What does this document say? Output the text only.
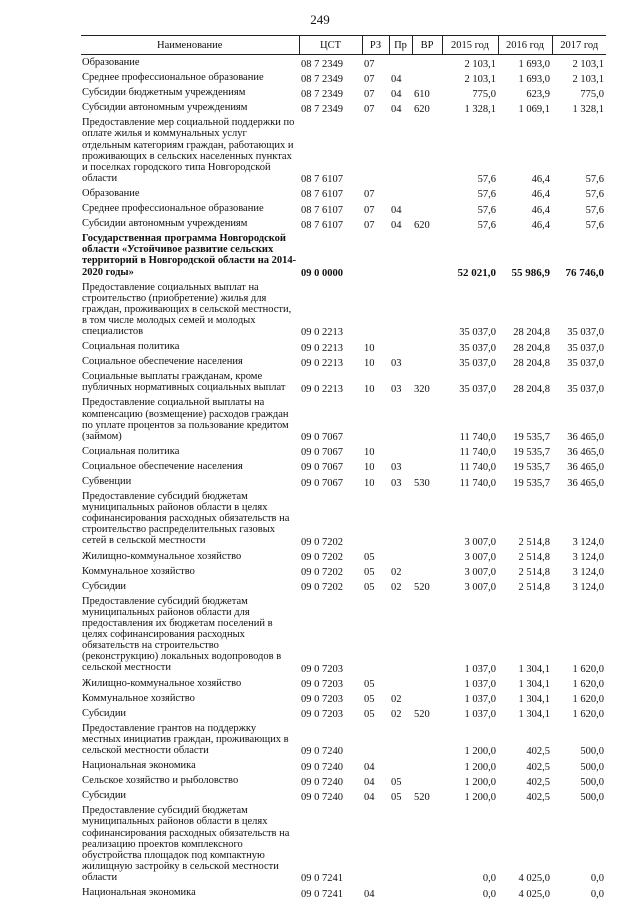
249
Наименование	ЦСТ	РЗ	Пр	ВР	2015 год	2016 год	2017 год
Образование	08 7 2349	07			2 103,1	1 693,0	2 103,1
Среднее профессиональное образование	08 7 2349	07	04		2 103,1	1 693,0	2 103,1
Субсидии бюджетным учреждениям	08 7 2349	07	04	610	775,0	623,9	775,0
Субсидии автономным учреждениям	08 7 2349	07	04	620	1 328,1	1 069,1	1 328,1
Предоставление мер социальной поддержки по оплате жилья и коммунальных услуг отдельным категориям граждан, работающих и проживающих в сельских населенных пунктах и поселках городского типа Новгородской области	08 7 6107				57,6	46,4	57,6
Образование	08 7 6107	07			57,6	46,4	57,6
Среднее профессиональное образование	08 7 6107	07	04		57,6	46,4	57,6
Субсидии автономным учреждениям	08 7 6107	07	04	620	57,6	46,4	57,6
Государственная программа Новгородской области «Устойчивое развитие сельских территорий в Новгородской области на 2014-2020 годы»	09 0 0000				52 021,0	55 986,9	76 746,0
Предоставление социальных выплат на строительство (приобретение) жилья для граждан, проживающих в сельской местности, в том числе молодых семей и молодых специалистов	09 0 2213				35 037,0	28 204,8	35 037,0
Социальная политика	09 0 2213	10			35 037,0	28 204,8	35 037,0
Социальное обеспечение населения	09 0 2213	10	03		35 037,0	28 204,8	35 037,0
Социальные выплаты гражданам, кроме публичных нормативных социальных выплат	09 0 2213	10	03	320	35 037,0	28 204,8	35 037,0
Предоставление социальной выплаты на компенсацию (возмещение) расходов граждан по уплате процентов за пользование кредитом (займом)	09 0 7067				11 740,0	19 535,7	36 465,0
Социальная политика	09 0 7067	10			11 740,0	19 535,7	36 465,0
Социальное обеспечение населения	09 0 7067	10	03		11 740,0	19 535,7	36 465,0
Субвенции	09 0 7067	10	03	530	11 740,0	19 535,7	36 465,0
Предоставление субсидий бюджетам муниципальных районов области в целях софинансирования расходных обязательств на строительство распределительных газовых сетей в сельской местности	09 0 7202				3 007,0	2 514,8	3 124,0
Жилищно-коммунальное хозяйство	09 0 7202	05			3 007,0	2 514,8	3 124,0
Коммунальное хозяйство	09 0 7202	05	02		3 007,0	2 514,8	3 124,0
Субсидии	09 0 7202	05	02	520	3 007,0	2 514,8	3 124,0
Предоставление субсидий бюджетам муниципальных районов области для предоставления их бюджетам поселений в целях софинансирования расходных обязательств на строительство (реконструкцию) локальных водопроводов в сельской местности	09 0 7203				1 037,0	1 304,1	1 620,0
Жилищно-коммунальное хозяйство	09 0 7203	05			1 037,0	1 304,1	1 620,0
Коммунальное хозяйство	09 0 7203	05	02		1 037,0	1 304,1	1 620,0
Субсидии	09 0 7203	05	02	520	1 037,0	1 304,1	1 620,0
Предоставление грантов на поддержку местных инициатив граждан, проживающих в сельской местности области	09 0 7240				1 200,0	402,5	500,0
Национальная экономика	09 0 7240	04			1 200,0	402,5	500,0
Сельское хозяйство и рыболовство	09 0 7240	04	05		1 200,0	402,5	500,0
Субсидии	09 0 7240	04	05	520	1 200,0	402,5	500,0
Предоставление субсидий бюджетам муниципальных районов области в целях софинансирования расходных обязательств на реализацию проектов комплексного обустройства площадок под компактную жилищную застройку в сельской местности области	09 0 7241				0,0	4 025,0	0,0
Национальная экономика	09 0 7241	04			0,0	4 025,0	0,0
